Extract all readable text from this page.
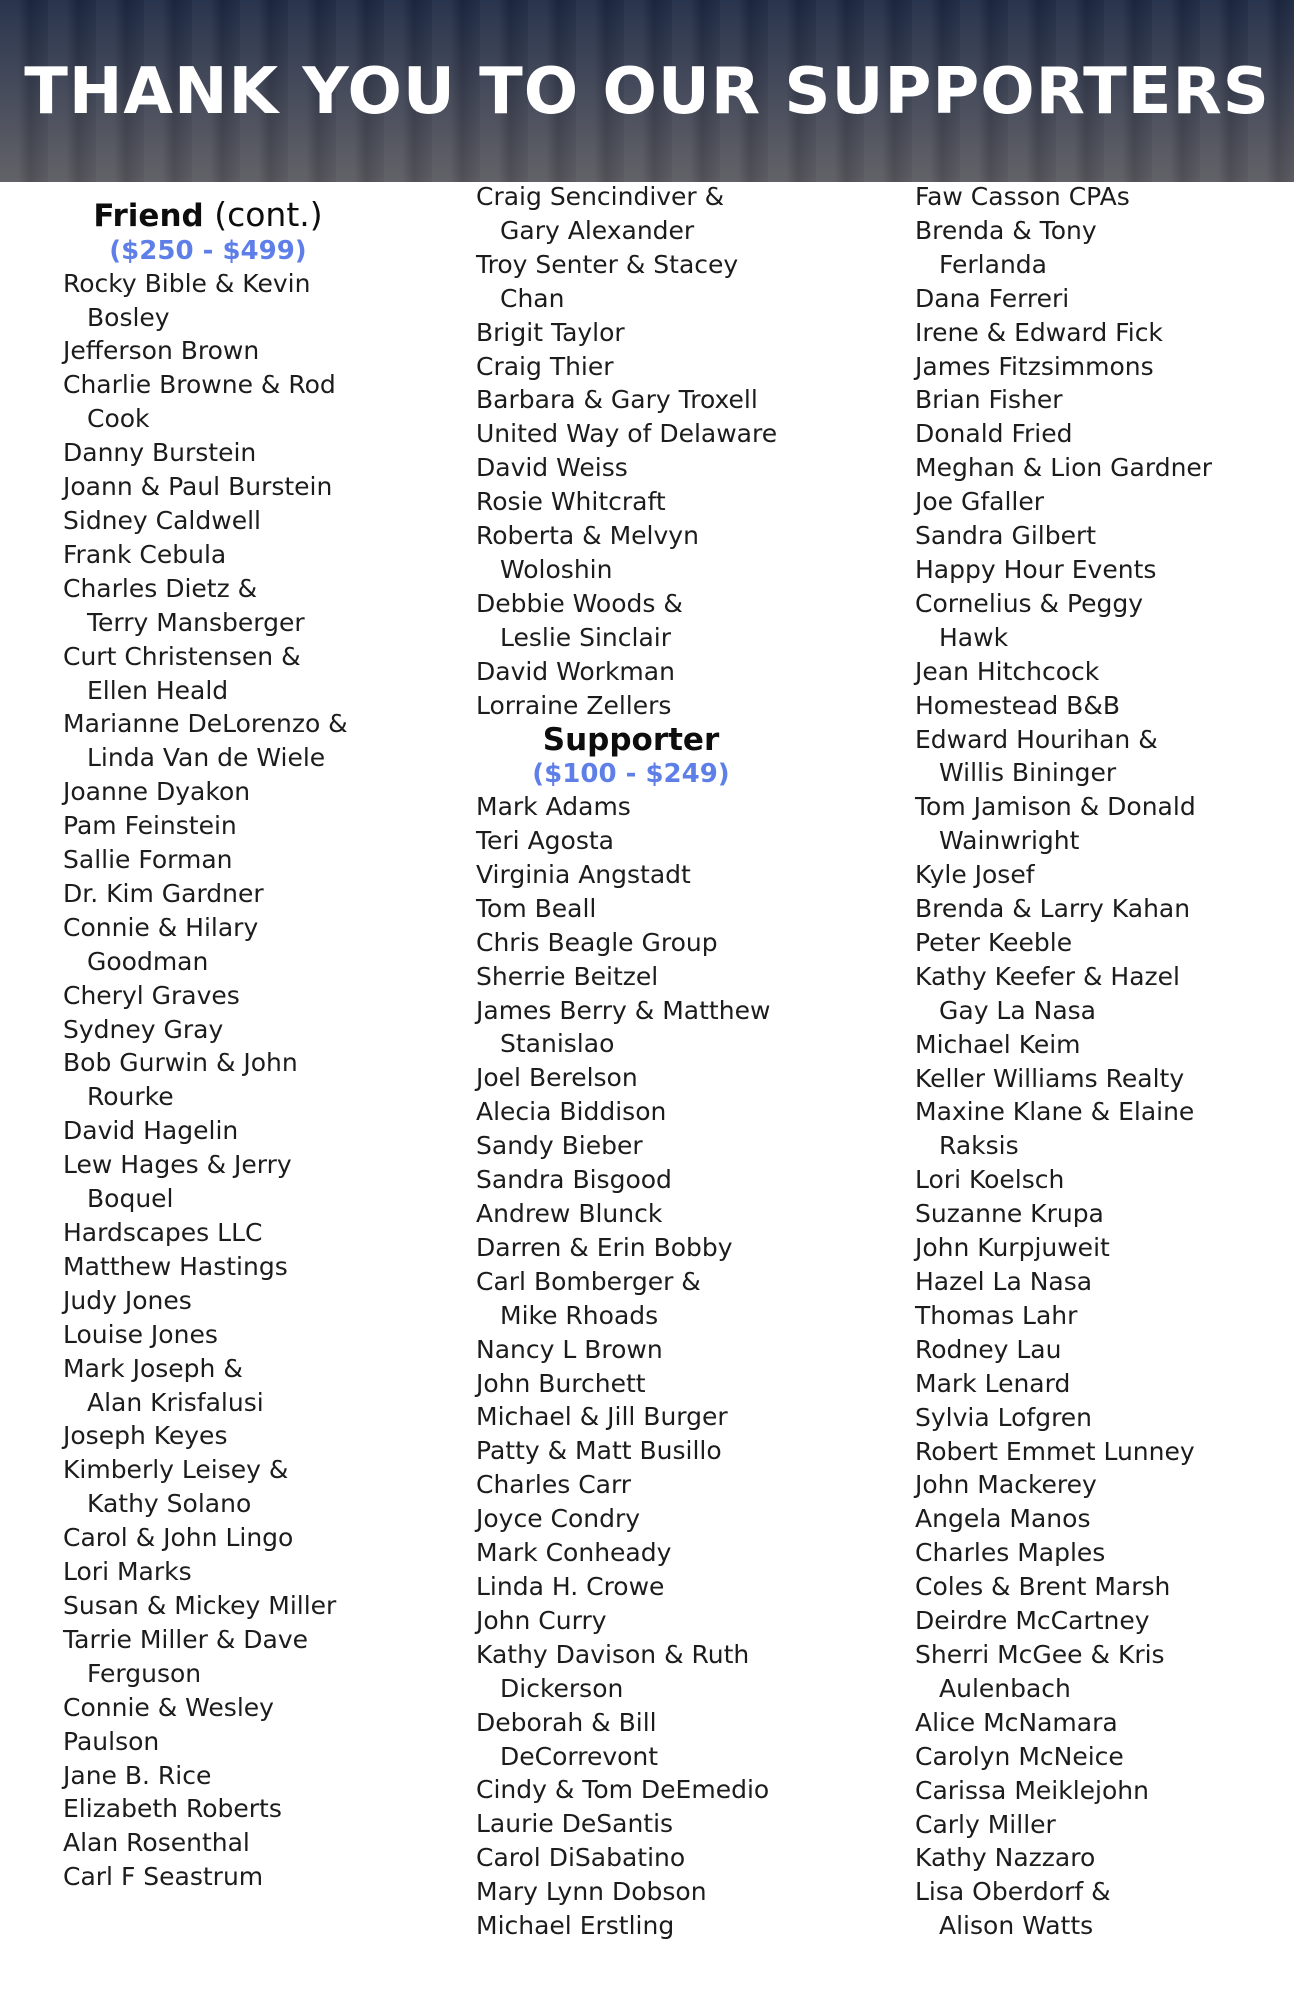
THANK YOU TO OUR SUPPORTERS
Friend (cont.)
($250 - $499)
Rocky Bible & Kevin
Bosley
Jefferson Brown
Charlie Browne & Rod
Cook
Danny Burstein
Joann & Paul Burstein
Sidney Caldwell
Frank Cebula
Charles Dietz &
Terry Mansberger
Curt Christensen &
Ellen Heald
Marianne DeLorenzo &
Linda Van de Wiele
Joanne Dyakon
Pam Feinstein
Sallie Forman
Dr. Kim Gardner
Connie & Hilary
Goodman
Cheryl Graves
Sydney Gray
Bob Gurwin & John
Rourke
David Hagelin
Lew Hages & Jerry
Boquel
Hardscapes LLC
Matthew Hastings
Judy Jones
Louise Jones
Mark Joseph &
Alan Krisfalusi
Joseph Keyes
Kimberly Leisey &
Kathy Solano
Carol & John Lingo
Lori Marks
Susan & Mickey Miller
Tarrie Miller & Dave
Ferguson
Connie & Wesley
Paulson
Jane B. Rice
Elizabeth Roberts
Alan Rosenthal
Carl F Seastrum
Craig Sencindiver &
Gary Alexander
Troy Senter & Stacey
Chan
Brigit Taylor
Craig Thier
Barbara & Gary Troxell
United Way of Delaware
David Weiss
Rosie Whitcraft
Roberta & Melvyn
Woloshin
Debbie Woods &
Leslie Sinclair
David Workman
Lorraine Zellers
Supporter
($100 - $249)
Mark Adams
Teri Agosta
Virginia Angstadt
Tom Beall
Chris Beagle Group
Sherrie Beitzel
James Berry & Matthew
Stanislao
Joel Berelson
Alecia Biddison
Sandy Bieber
Sandra Bisgood
Andrew Blunck
Darren & Erin Bobby
Carl Bomberger &
Mike Rhoads
Nancy L Brown
John Burchett
Michael & Jill Burger
Patty & Matt Busillo
Charles Carr
Joyce Condry
Mark Conheady
Linda H. Crowe
John Curry
Kathy Davison & Ruth
Dickerson
Deborah & Bill
DeCorrevont
Cindy & Tom DeEmedio
Laurie DeSantis
Carol DiSabatino
Mary Lynn Dobson
Michael Erstling
Faw Casson CPAs
Brenda & Tony
Ferlanda
Dana Ferreri
Irene & Edward Fick
James Fitzsimmons
Brian Fisher
Donald Fried
Meghan & Lion Gardner
Joe Gfaller
Sandra Gilbert
Happy Hour Events
Cornelius & Peggy
Hawk
Jean Hitchcock
Homestead B&B
Edward Hourihan &
Willis Bininger
Tom Jamison & Donald
Wainwright
Kyle Josef
Brenda & Larry Kahan
Peter Keeble
Kathy Keefer & Hazel
Gay La Nasa
Michael Keim
Keller Williams Realty
Maxine Klane & Elaine
Raksis
Lori Koelsch
Suzanne Krupa
John Kurpjuweit
Hazel La Nasa
Thomas Lahr
Rodney Lau
Mark Lenard
Sylvia Lofgren
Robert Emmet Lunney
John Mackerey
Angela Manos
Charles Maples
Coles & Brent Marsh
Deirdre McCartney
Sherri McGee & Kris
Aulenbach
Alice McNamara
Carolyn McNeice
Carissa Meiklejohn
Carly Miller
Kathy Nazzaro
Lisa Oberdorf &
Alison Watts
